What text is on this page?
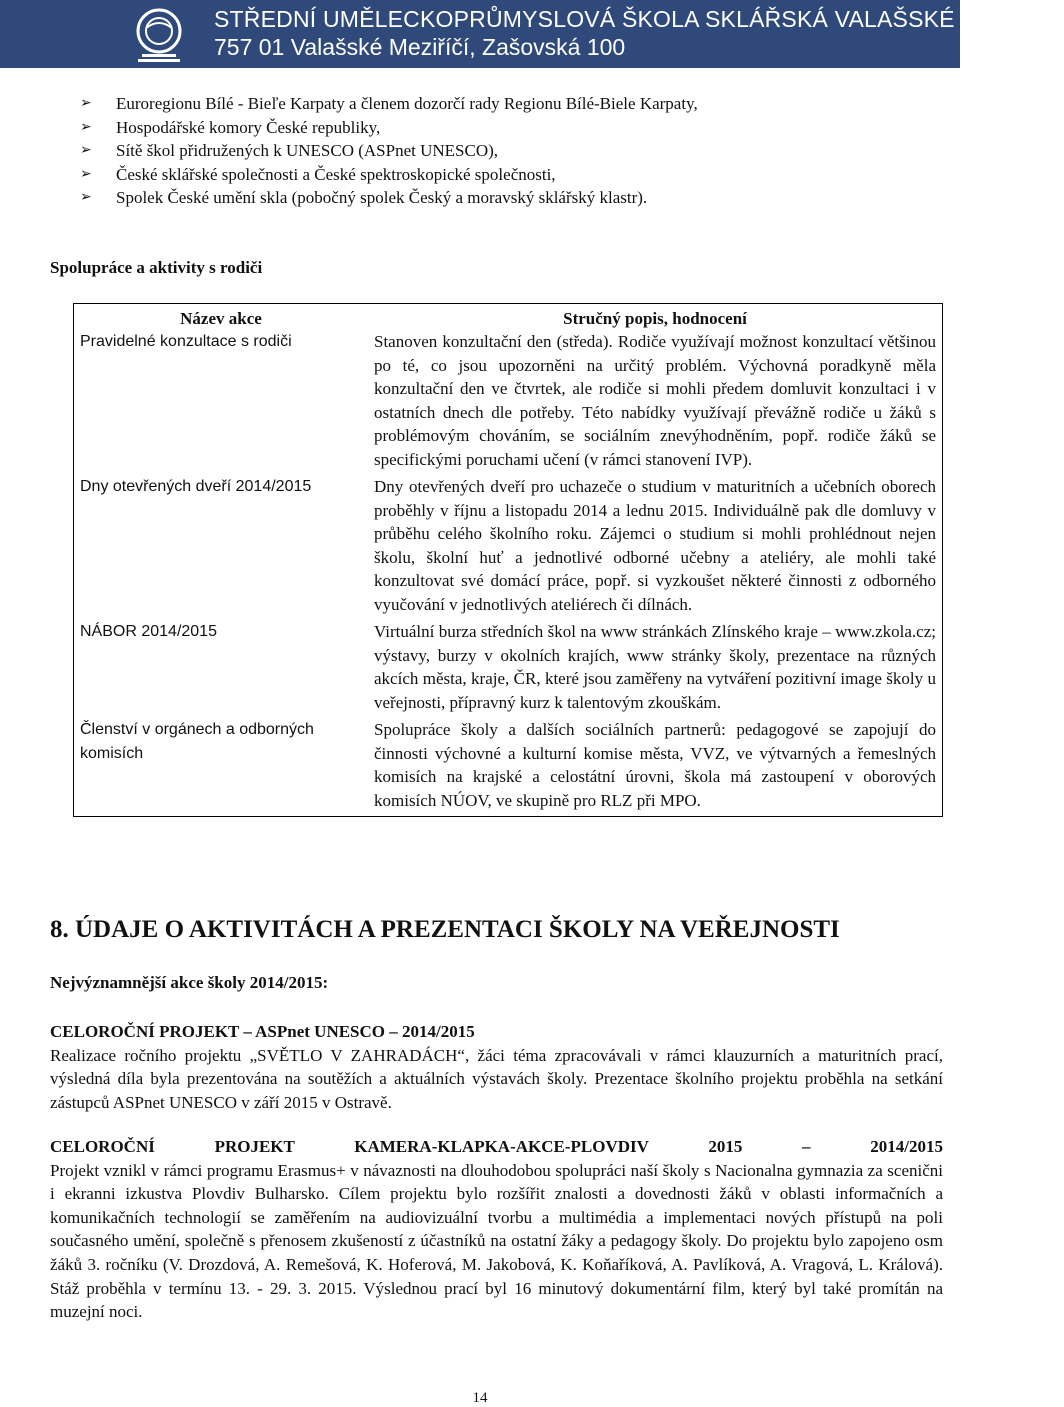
STŘEDNÍ UMĚLECKOPRŮMYSLOVÁ ŠKOLA SKLÁŘSKÁ VALAŠSKÉ MEZIŘÍČÍ
757 01 Valašské Meziříčí, Zašovská 100
➢ Euroregionu Bílé - Bieľe Karpaty a členem dozorčí rady Regionu Bílé-Biele Karpaty,
➢ Hospodářské komory České republiky,
➢ Sítě škol přidružených k UNESCO (ASPnet UNESCO),
➢ České sklářské společnosti a České spektroskopické společnosti,
➢ Spolek České umění skla (pobočný spolek Český a moravský sklářský klastr).
Spolupráce a aktivity s rodiči
Název akce	Stručný popis, hodnocení
Pravidelné konzultace s rodiči	Stanoven konzultační den (středa). Rodiče využívají možnost konzultací většinou po té, co jsou upozorněni na určitý problém. Výchovná poradkyně měla konzultační den ve čtvrtek, ale rodiče si mohli předem domluvit konzultaci i v ostatních dnech dle potřeby. Této nabídky využívají převážně rodiče u žáků s problémovým chováním, se sociálním znevýhodněním, popř. rodiče žáků se specifickými poruchami učení (v rámci stanovení IVP).
Dny otevřených dveří 2014/2015	Dny otevřených dveří pro uchazeče o studium v maturitních a učebních oborech proběhly v říjnu a listopadu 2014 a lednu 2015. Individuálně pak dle domluvy v průběhu celého školního roku. Zájemci o studium si mohli prohlédnout nejen školu, školní huť a jednotlivé odborné učebny a ateliéry, ale mohli také konzultovat své domácí práce, popř. si vyzkoušet některé činnosti z odborného vyučování v jednotlivých ateliérech či dílnách.
NÁBOR 2014/2015	Virtuální burza středních škol na www stránkách Zlínského kraje – www.zkola.cz; výstavy, burzy v okolních krajích, www stránky školy, prezentace na různých akcích města, kraje, ČR, které jsou zaměřeny na vytváření pozitivní image školy u veřejnosti, přípravný kurz k talentovým zkouškám.
Členství v orgánech a odborných komisích	Spolupráce školy a dalších sociálních partnerů: pedagogové se zapojují do činnosti výchovné a kulturní komise města, VVZ, ve výtvarných a řemeslných komisích na krajské a celostátní úrovni, škola má zastoupení v oborových komisích NÚOV, ve skupině pro RLZ při MPO.
8. ÚDAJE O AKTIVITÁCH A PREZENTACI ŠKOLY NA VEŘEJNOSTI
Nejvýznamnější akce školy 2014/2015:
CELOROČNÍ PROJEKT – ASPnet UNESCO – 2014/2015
Realizace ročního projektu „SVĚTLO V ZAHRADÁCH“, žáci téma zpracovávali v rámci klauzurních a maturitních prací, výsledná díla byla prezentována na soutěžích a aktuálních výstavách školy. Prezentace školního projektu proběhla na setkání zástupců ASPnet UNESCO v září 2015 v Ostravě.
CELOROČNÍ PROJEKT KAMERA-KLAPKA-AKCE-PLOVDIV 2015 – 2014/2015
Projekt vznikl v rámci programu Erasmus+ v návaznosti na dlouhodobou spolupráci naší školy s Nacionalna gymnazia za scenični i ekranni izkustva Plovdiv Bulharsko. Cílem projektu bylo rozšířit znalosti a dovednosti žáků v oblasti informačních a komunikačních technologií se zaměřením na audiovizuální tvorbu a multimédia a implementaci nových přístupů na poli současného umění, společně s přenosem zkušeností z účastníků na ostatní žáky a pedagogy školy. Do projektu bylo zapojeno osm žáků 3. ročníku (V. Drozdová, A. Remešová, K. Hoferová, M. Jakobová, K. Koňaříková, A. Pavlíková, A. Vragová, L. Králová). Stáž proběhla v termínu 13. - 29. 3. 2015. Výslednou prací byl 16 minutový dokumentární film, který byl také promítán na muzejní noci.
14
